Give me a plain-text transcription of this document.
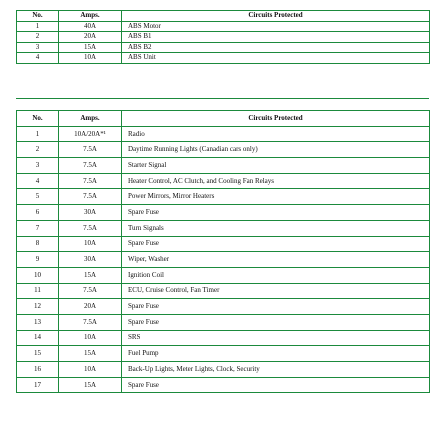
No.	Amps.	Circuits Protected
1	40A	ABS Motor
2	20A	ABS B1
3	15A	ABS B2
4	10A	ABS Unit
No.	Amps.	Circuits Protected
1	10A/20A*¹	Radio
2	7.5A	Daytime Running Lights (Canadian cars only)
3	7.5A	Starter Signal
4	7.5A	Heater Control, AC Clutch, and Cooling Fan Relays
5	7.5A	Power Mirrors, Mirror Heaters
6	30A	Spare Fuse
7	7.5A	Turn Signals
8	10A	Spare Fuse
9	30A	Wiper, Washer
10	15A	Ignition Coil
11	7.5A	ECU, Cruise Control, Fan Timer
12	20A	Spare Fuse
13	7.5A	Spare Fuse
14	10A	SRS
15	15A	Fuel Pump
16	10A	Back-Up Lights, Meter Lights, Clock, Security
17	15A	Spare Fuse
